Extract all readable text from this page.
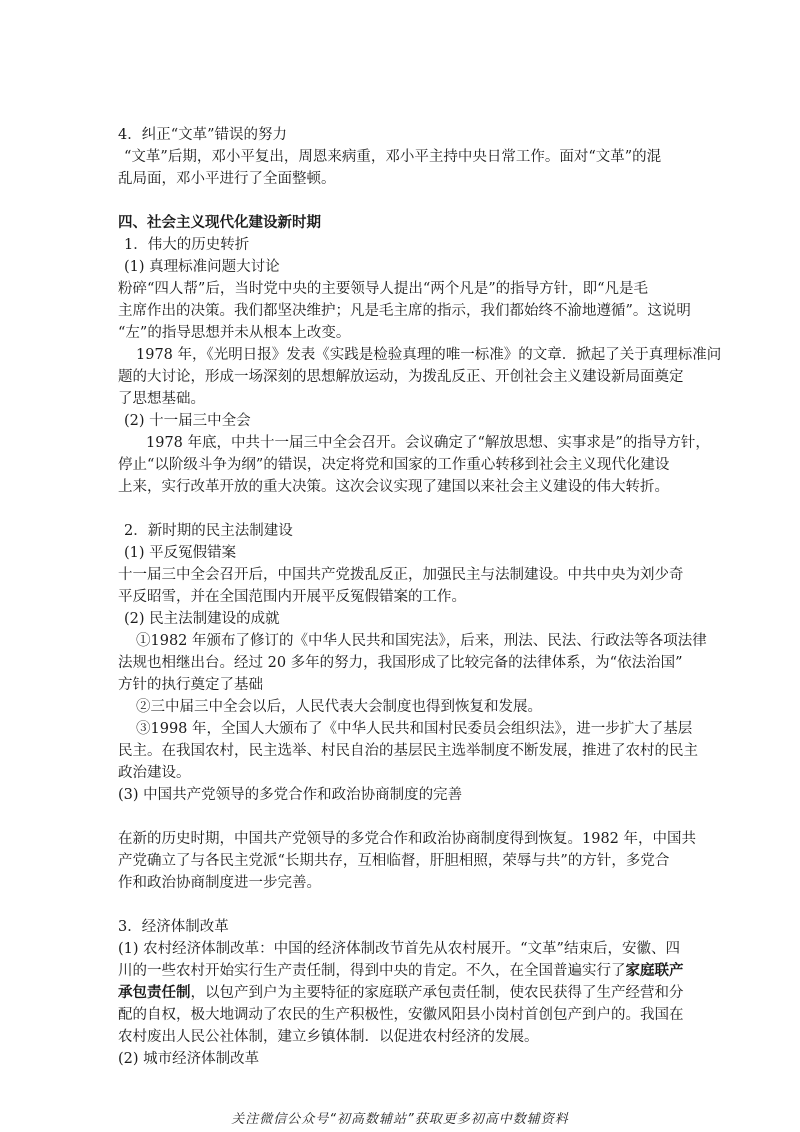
4．纠正“文革”错误的努力
“文革”后期，邓小平复出，周恩来病重，邓小平主持中央日常工作。面对“文革”的混
乱局面，邓小平进行了全面整顿。
四、社会主义现代化建设新时期
1．伟大的历史转折
(1) 真理标准问题大讨论
粉碎“四人帮”后，当时党中央的主要领导人提出“两个凡是”的指导方针，即“凡是毛
主席作出的决策。我们都坚决维护；凡是毛主席的指示，我们都始终不渝地遵循”。这说明
“左”的指导思想并未从根本上改变。
1978 年，《光明日报》发表《实践是检验真理的唯一标准》的文章．掀起了关于真理标准问
题的大讨论，形成一场深刻的思想解放运动，为拨乱反正、开创社会主义建设新局面奠定
了思想基础。
(2) 十一届三中全会
1978 年底，中共十一届三中全会召开。会议确定了“解放思想、实事求是”的指导方针，
停止“以阶级斗争为纲”的错误，决定将党和国家的工作重心转移到社会主义现代化建设
上来，实行改革开放的重大决策。这次会议实现了建国以来社会主义建设的伟大转折。
2．新时期的民主法制建设
(1) 平反冤假错案
十一届三中全会召开后，中国共产党拨乱反正，加强民主与法制建设。中共中央为刘少奇
平反昭雪，并在全国范围内开展平反冤假错案的工作。
(2) 民主法制建设的成就
①1982 年颁布了修订的《中华人民共和国宪法》，后来，刑法、民法、行政法等各项法律
法规也相继出台。经过 20 多年的努力，我国形成了比较完备的法律体系，为“依法治国”
方针的执行奠定了基础
②三中届三中全会以后，人民代表大会制度也得到恢复和发展。
③1998 年，全国人大颁布了《中华人民共和国村民委员会组织法》，进一步扩大了基层
民主。在我国农村，民主选举、村民自治的基层民主选举制度不断发展，推进了农村的民主
政治建设。
(3) 中国共产党领导的多党合作和政治协商制度的完善
在新的历史时期，中国共产党领导的多党合作和政治协商制度得到恢复。1982 年，中国共
产党确立了与各民主党派“长期共存，互相临督，肝胆相照，荣辱与共”的方针，多党合
作和政治协商制度进一步完善。
3．经济体制改革
(1) 农村经济体制改革：中国的经济体制改节首先从农村展开。“文革”结束后，安徽、四
川的一些农村开始实行生产责任制，得到中央的肯定。不久，在全国普遍实行了家庭联产
承包责任制，以包产到户为主要特征的家庭联产承包责任制，使农民获得了生产经营和分
配的自权，极大地调动了农民的生产积极性，安徽风阳县小岗村首创包产到户的。我国在
农村废出人民公社体制，建立乡镇体制．以促进农村经济的发展。
(2) 城市经济体制改革
关注微信公众号“初高数辅站”获取更多初高中数辅资料
